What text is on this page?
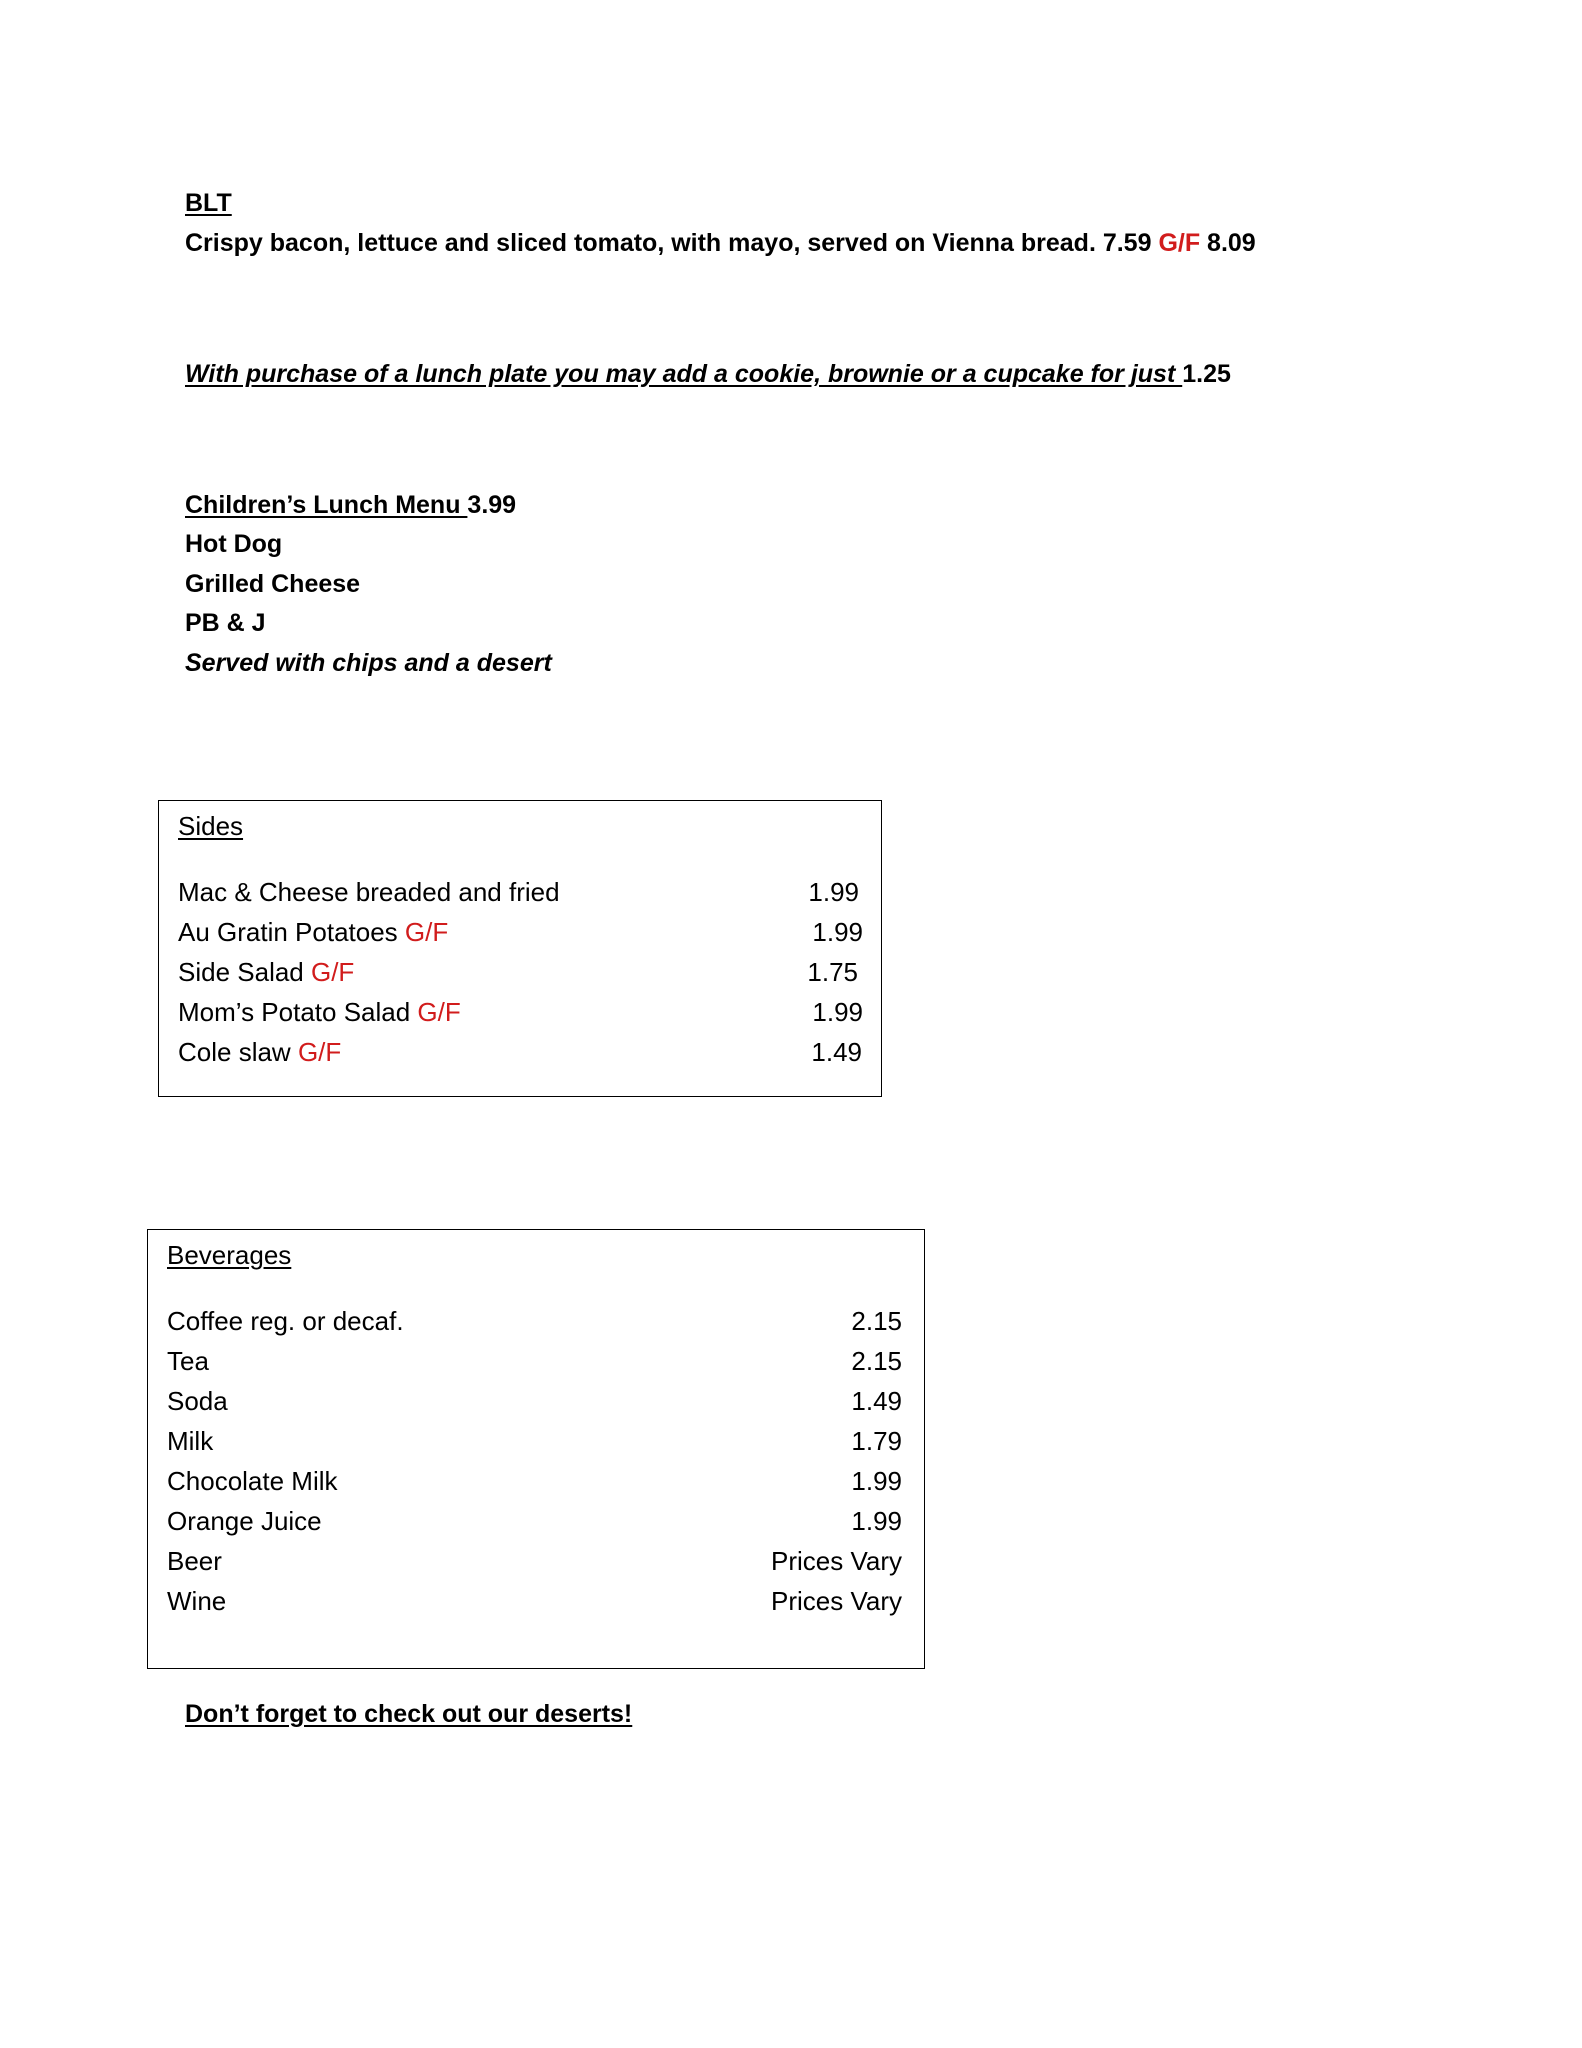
BLT
Crispy bacon, lettuce and sliced tomato, with mayo, served on Vienna bread. 7.59 G/F 8.09
With purchase of a lunch plate you may add a cookie, brownie or a cupcake for just 1.25
Children’s Lunch Menu 3.99
Hot Dog
Grilled Cheese
PB & J
Served with chips and a desert
Sides
Mac & Cheese breaded and fried	1.99
Au Gratin Potatoes G/F	1.99
Side Salad G/F	1.75
Mom’s Potato Salad G/F	1.99
Cole slaw G/F	1.49
Beverages
Coffee reg. or decaf.	2.15
Tea	2.15
Soda	1.49
Milk	1.79
Chocolate Milk	1.99
Orange Juice	1.99
Beer	Prices Vary
Wine	Prices Vary
Don’t forget to check out our deserts!
